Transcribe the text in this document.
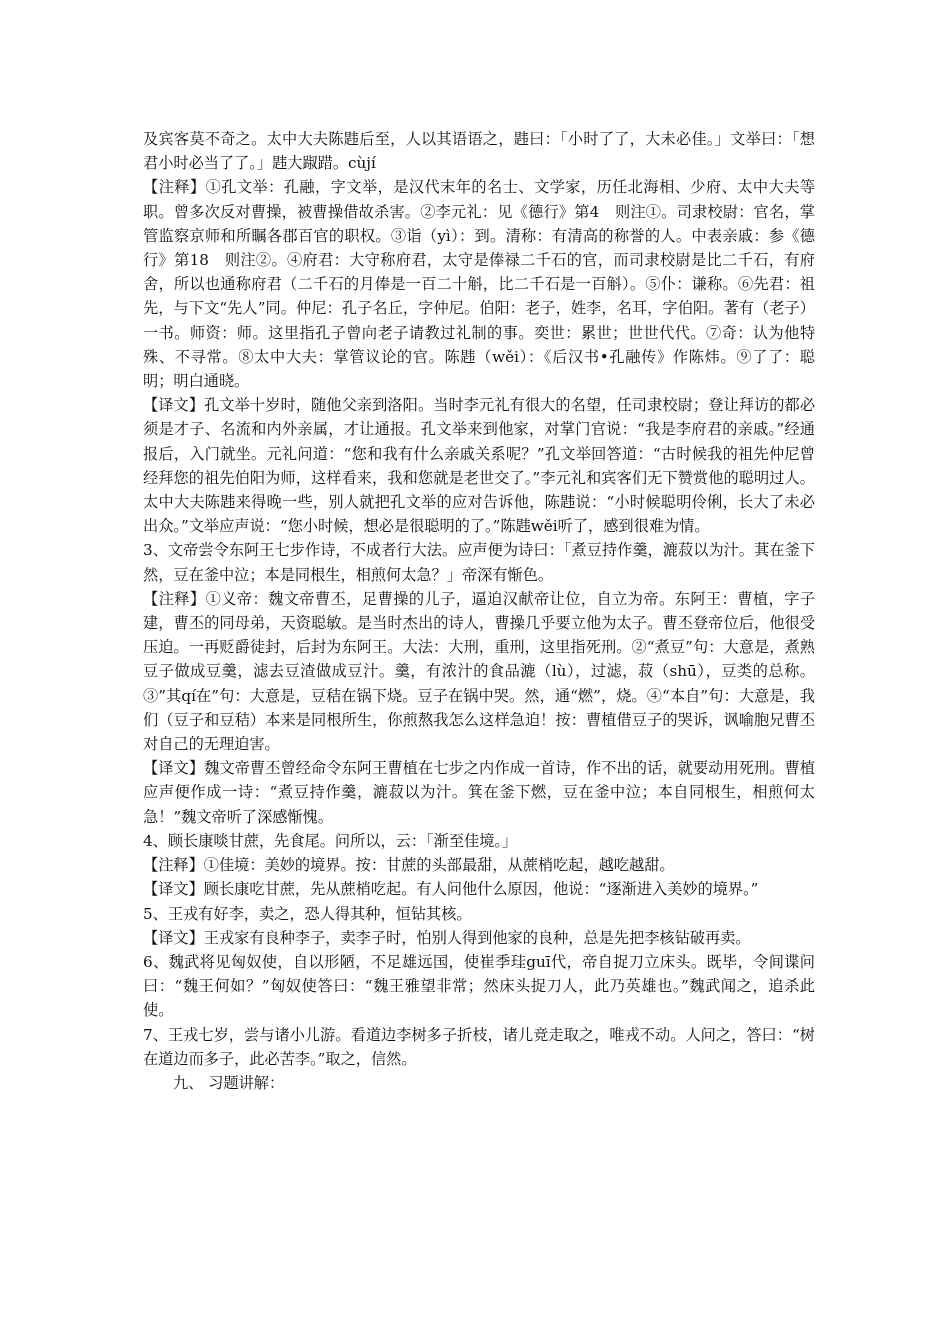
及宾客莫不奇之。太中大夫陈韪后至，人以其语语之，韪曰：「小时了了，大未必佳。」文举曰：「想君小时必当了了。」韪大踧踖。cùjí

【注释】①孔文举：孔融，字文举，是汉代末年的名士、文学家，历任北海相、少府、太中大夫等职。曾多次反对曹操，被曹操借故杀害。②李元礼：见《德行》第4　则注①。司隶校尉：官名，掌管监察京师和所瞩各郡百官的职权。③诣（yì）：到。清称：有清高的称誉的人。中表亲戚：参《德行》第18　则注②。④府君：大守称府君，太守是俸禄二千石的官，而司隶校尉是比二千石，有府舍，所以也通称府君（二千石的月俸是一百二十斛，比二千石是一百斛）。⑤仆：谦称。⑥先君：祖先，与下文“先人”同。仲尼：孔子名丘，字仲尼。伯阳：老子，姓李，名耳，字伯阳。著有（老子）一书。师资：师。这里指孔子曾向老子请教过礼制的事。奕世：累世；世世代代。⑦奇：认为他特殊、不寻常。⑧太中大夫：掌管议论的官。陈韪（wěi）：《后汉书•孔融传》作陈炜。⑨了了：聪明；明白通晓。

【译文】孔文举十岁时，随他父亲到洛阳。当时李元礼有很大的名望，任司隶校尉；登让拜访的都必须是才子、名流和内外亲属，才让通报。孔文举来到他家，对掌门官说：“我是李府君的亲戚。”经通报后，入门就坐。元礼问道：“您和我有什么亲戚关系呢？”孔文举回答道：“古时候我的祖先仲尼曾经拜您的祖先伯阳为师，这样看来，我和您就是老世交了。”李元礼和宾客们无下赞赏他的聪明过人。太中大夫陈韪来得晚一些，别人就把孔文举的应对告诉他，陈韪说：“小时候聪明伶俐，长大了未必出众。”文举应声说：“您小时候，想必是很聪明的了。”陈韪wěi听了，感到很难为情。

3、文帝尝令东阿王七步作诗，不成者行大法。应声便为诗曰：「煮豆持作羹，漉菽以为汁。萁在釜下然，豆在釜中泣；本是同根生，相煎何太急？」帝深有惭色。

【注释】①义帝：魏文帝曹丕，足曹操的儿子，逼迫汉献帝让位，自立为帝。东阿王：曹植，字子建，曹丕的同母弟，天资聪敏。是当时杰出的诗人，曹操几乎要立他为太子。曹丕登帝位后，他很受压迫。一再贬爵徒封，后封为东阿王。大法：大刑，重刑，这里指死刑。②“煮豆”句：大意是，煮熟豆子做成豆羹，滤去豆渣做成豆汁。羹，有浓汁的食品漉（lù），过滤，菽（shū），豆类的总称。③”其qí在”句：大意是，豆秸在锅下烧。豆子在锅中哭。然，通“燃”，烧。④“本自”句：大意是，我们（豆子和豆秸）本来是同根所生，你煎熬我怎么这样急迫！按：曹植借豆子的哭诉，讽喻胞兄曹丕对自己的无理迫害。

【译文】魏文帝曹丕曾经命令东阿王曹植在七步之内作成一首诗，作不出的话，就要动用死刑。曹植应声便作成一诗：“煮豆持作羹，漉菽以为汁。箕在釜下燃，豆在釜中泣；本自同根生，相煎何太急！”魏文帝听了深感惭愧。

4、顾长康啖甘蔗，先食尾。问所以，云：「渐至佳境。」

【注释】①佳境：美妙的境界。按：甘蔗的头部最甜，从蔗梢吃起，越吃越甜。

【译文】顾长康吃甘蔗，先从蔗梢吃起。有人问他什么原因，他说：“逐渐进入美妙的境界。”

5、王戎有好李，卖之，恐人得其种，恒钻其核。

【译文】王戎家有良种李子，卖李子时，怕别人得到他家的良种，总是先把李核钻破再卖。

6、魏武将见匈奴使，自以形陋，不足雄远国，使崔季珪guī代，帝自捉刀立床头。既毕，令间谍问曰：“魏王何如？”匈奴使答曰：“魏王雅望非常；然床头捉刀人，此乃英雄也。”魏武闻之，追杀此使。

7、王戎七岁，尝与诸小儿游。看道边李树多子折枝，诸儿竞走取之，唯戎不动。人问之，答曰：“树在道边而多子，此必苦李。”取之，信然。

九、 习题讲解：
